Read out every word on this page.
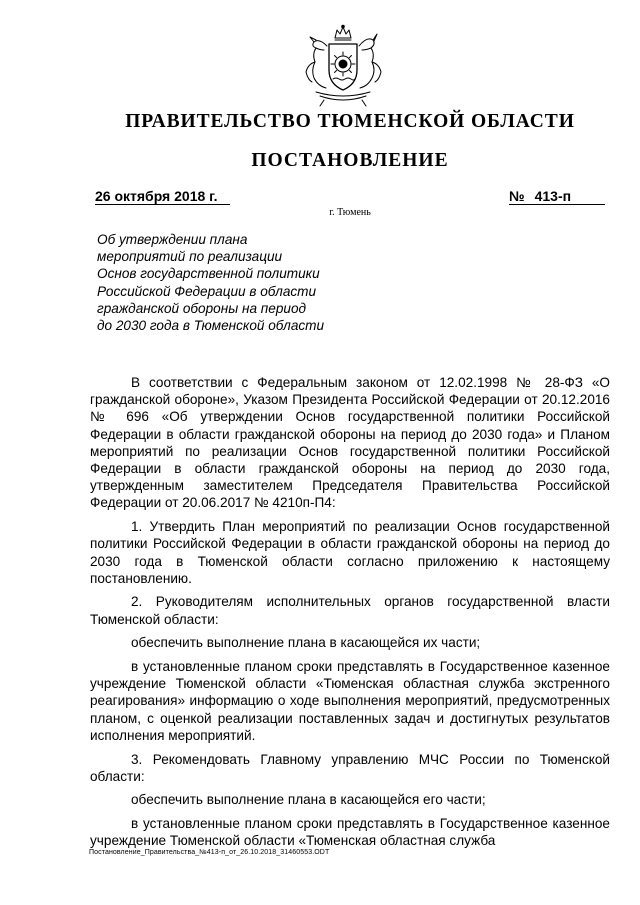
ПРАВИТЕЛЬСТВО ТЮМЕНСКОЙ ОБЛАСТИ
ПОСТАНОВЛЕНИЕ
26 октября 2018 г.	№ 413-п
г. Тюмень
Об утверждении плана
мероприятий по реализации
Основ государственной политики
Российской Федерации в области
гражданской обороны на период
до 2030 года в Тюменской области

В соответствии с Федеральным законом от 12.02.1998 № 28-ФЗ «О гражданской обороне», Указом Президента Российской Федерации от 20.12.2016 № 696 «Об утверждении Основ государственной политики Российской Федерации в области гражданской обороны на период до 2030 года» и Планом мероприятий по реализации Основ государственной политики Российской Федерации в области гражданской обороны на период до 2030 года, утвержденным заместителем Председателя Правительства Российской Федерации от 20.06.2017 № 4210п-П4:

1. Утвердить План мероприятий по реализации Основ государственной политики Российской Федерации в области гражданской обороны на период до 2030 года в Тюменской области согласно приложению к настоящему постановлению.

2. Руководителям исполнительных органов государственной власти Тюменской области:

обеспечить выполнение плана в касающейся их части;

в установленные планом сроки представлять в Государственное казенное учреждение Тюменской области «Тюменская областная служба экстренного реагирования» информацию о ходе выполнения мероприятий, предусмотренных планом, с оценкой реализации поставленных задач и достигнутых результатов исполнения мероприятий.

3. Рекомендовать Главному управлению МЧС России по Тюменской области:

обеспечить выполнение плана в касающейся его части;

в установленные планом сроки представлять в Государственное казенное учреждение Тюменской области «Тюменская областная служба

Постановление_Правительства_№413-п_от_26.10.2018_31460553.ODT
